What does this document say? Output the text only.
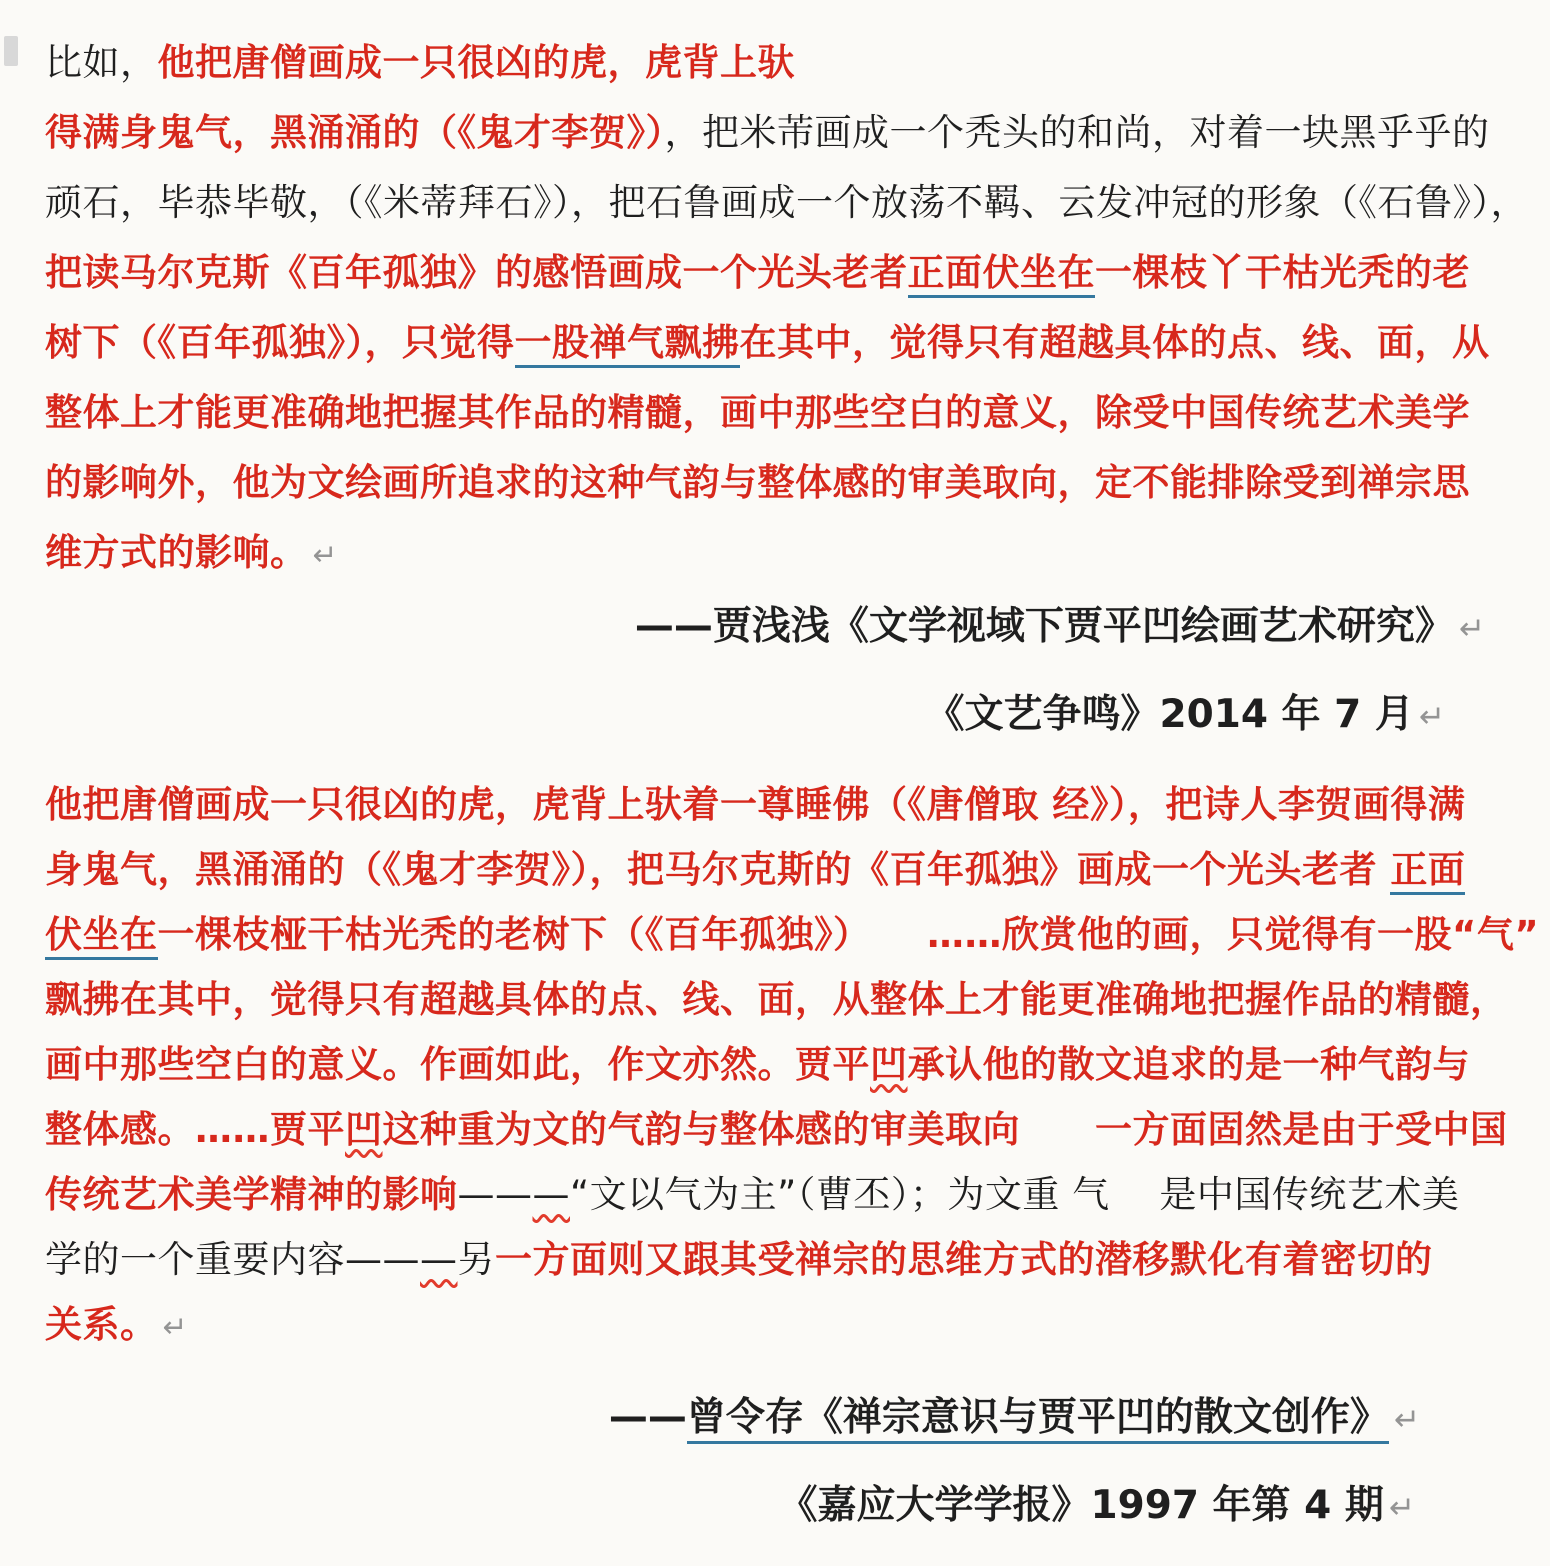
比如，他把唐僧画成一只很凶的虎，虎背上驮
得满身鬼气，黑涌涌的（《鬼才李贺》），把米芾画成一个秃头的和尚，对着一块黑乎乎的
顽石，毕恭毕敬，（《米蒂拜石》），把石鲁画成一个放荡不羁、云发冲冠的形象（《石鲁》），
把读马尔克斯《百年孤独》的感悟画成一个光头老者正面伏坐在一棵枝丫干枯光秃的老
树下（《百年孤独》），只觉得一股禅气飘拂在其中，觉得只有超越具体的点、线、面，从
整体上才能更准确地把握其作品的精髓，画中那些空白的意义，除受中国传统艺术美学
的影响外，他为文绘画所追求的这种气韵与整体感的审美取向，定不能排除受到禅宗思
维方式的影响。 ↵
——贾浅浅《文学视域下贾平凹绘画艺术研究》 ↵
《文艺争鸣》2014 年 7 月 ↵
他把唐僧画成一只很凶的虎，虎背上驮着一尊睡佛（《唐僧取 经》），把诗人李贺画得满
身鬼气，黑涌涌的（《鬼才李贺》），把马尔克斯的《百年孤独》画成一个光头老者 正面
伏坐在一棵枝桠干枯光秃的老树下（《百年孤独》）　　……欣赏他的画，只觉得有一股“气”
飘拂在其中，觉得只有超越具体的点、线、面，从整体上才能更准确地把握作品的精髓，
画中那些空白的意义。作画如此，作文亦然。贾平凹承认他的散文追求的是一种气韵与
整体感。……贾平凹这种重为文的气韵与整体感的审美取向　　一方面固然是由于受中国
传统艺术美学精神的影响———“文以气为主”（曹丕）；为文重 气　 是中国传统艺术美
学的一个重要内容———另一方面则又跟其受禅宗的思维方式的潜移默化有着密切的
关系。 ↵
——曾令存《禅宗意识与贾平凹的散文创作》 ↵
《嘉应大学学报》1997 年第 4 期 ↵
